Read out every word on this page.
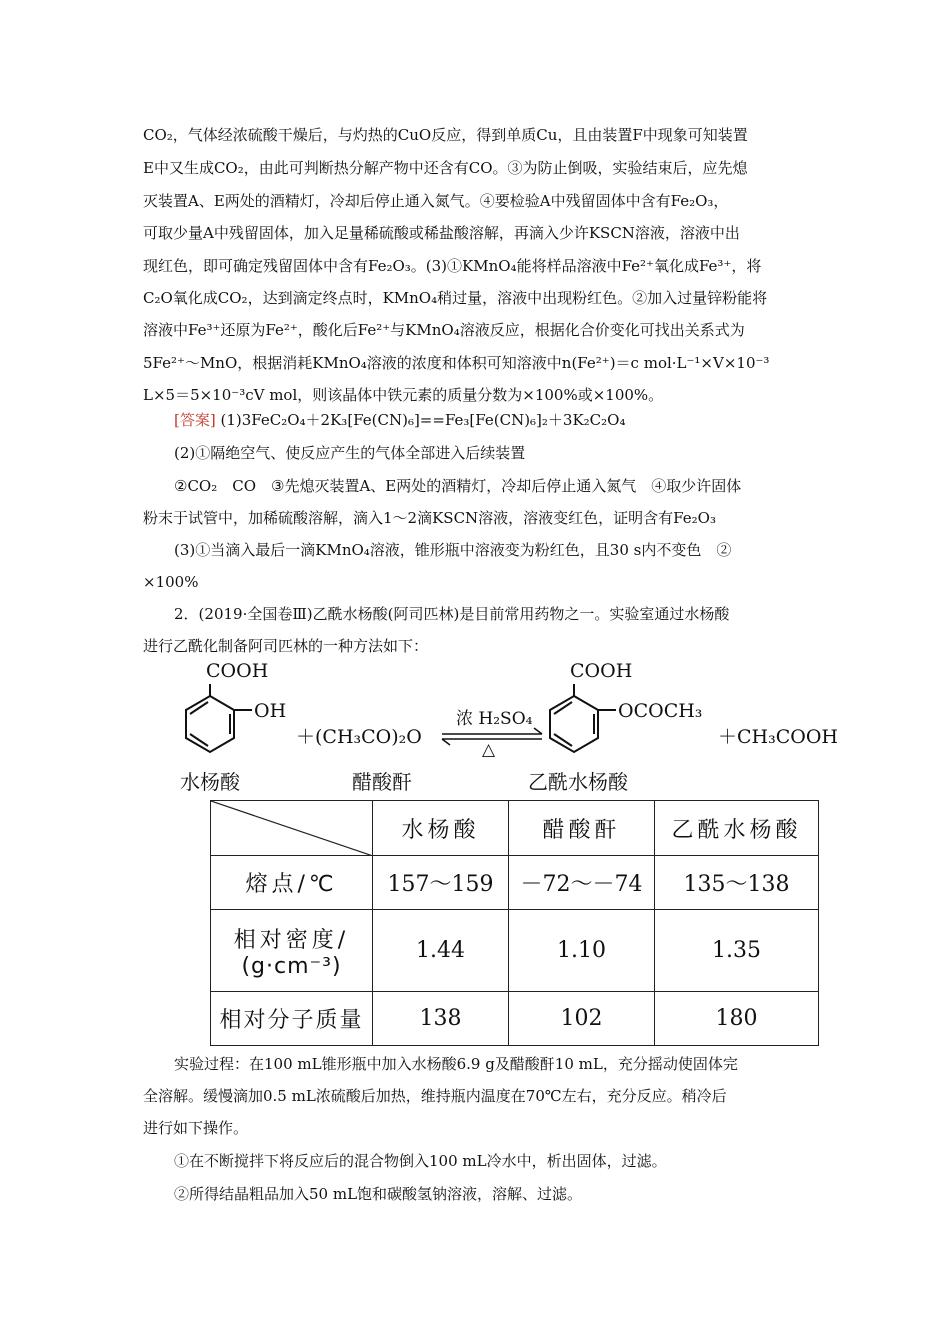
CO₂，气体经浓硫酸干燥后，与灼热的CuO反应，得到单质Cu，且由装置F中现象可知装置
E中又生成CO₂，由此可判断热分解产物中还含有CO。③为防止倒吸，实验结束后，应先熄
灭装置A、E两处的酒精灯，冷却后停止通入氮气。④要检验A中残留固体中含有Fe₂O₃，
可取少量A中残留固体，加入足量稀硫酸或稀盐酸溶解，再滴入少许KSCN溶液，溶液中出
现红色，即可确定残留固体中含有Fe₂O₃。(3)①KMnO₄能将样品溶液中Fe²⁺氧化成Fe³⁺，将
C₂O氧化成CO₂，达到滴定终点时，KMnO₄稍过量，溶液中出现粉红色。②加入过量锌粉能将
溶液中Fe³⁺还原为Fe²⁺，酸化后Fe²⁺与KMnO₄溶液反应，根据化合价变化可找出关系式为
5Fe²⁺～MnO，根据消耗KMnO₄溶液的浓度和体积可知溶液中n(Fe²⁺)＝c mol·L⁻¹×V×10⁻³
L×5＝5×10⁻³cV mol，则该晶体中铁元素的质量分数为×100%或×100%。
[答案] (1)3FeC₂O₄＋2K₃[Fe(CN)₆]==Fe₃[Fe(CN)₆]₂＋3K₂C₂O₄
(2)①隔绝空气、使反应产生的气体全部进入后续装置
②CO₂　CO　③先熄灭装置A、E两处的酒精灯，冷却后停止通入氮气　④取少许固体
粉末于试管中，加稀硫酸溶解，滴入1～2滴KSCN溶液，溶液变红色，证明含有Fe₂O₃
(3)①当滴入最后一滴KMnO₄溶液，锥形瓶中溶液变为粉红色，且30 s内不变色　②
×100%
2．(2019·全国卷Ⅲ)乙酰水杨酸(阿司匹林)是目前常用药物之一。实验室通过水杨酸
进行乙酰化制备阿司匹林的一种方法如下：
COOH
OH
＋(CH₃CO)₂O
浓 H₂SO₄
△
COOH
OCOCH₃
＋CH₃COOH
水杨酸	醋酸酐	乙酰水杨酸
	水杨酸	醋酸酐	乙酰水杨酸
熔点/℃	157～159	－72～－74	135～138

相对密度/
(g·cm⁻³)	1.44	1.10	1.35
相对分子质量	138	102	180
实验过程：在100 mL锥形瓶中加入水杨酸6.9 g及醋酸酐10 mL，充分摇动使固体完
全溶解。缓慢滴加0.5 mL浓硫酸后加热，维持瓶内温度在70℃左右，充分反应。稍冷后
进行如下操作。
①在不断搅拌下将反应后的混合物倒入100 mL冷水中，析出固体，过滤。
②所得结晶粗品加入50 mL饱和碳酸氢钠溶液，溶解、过滤。
